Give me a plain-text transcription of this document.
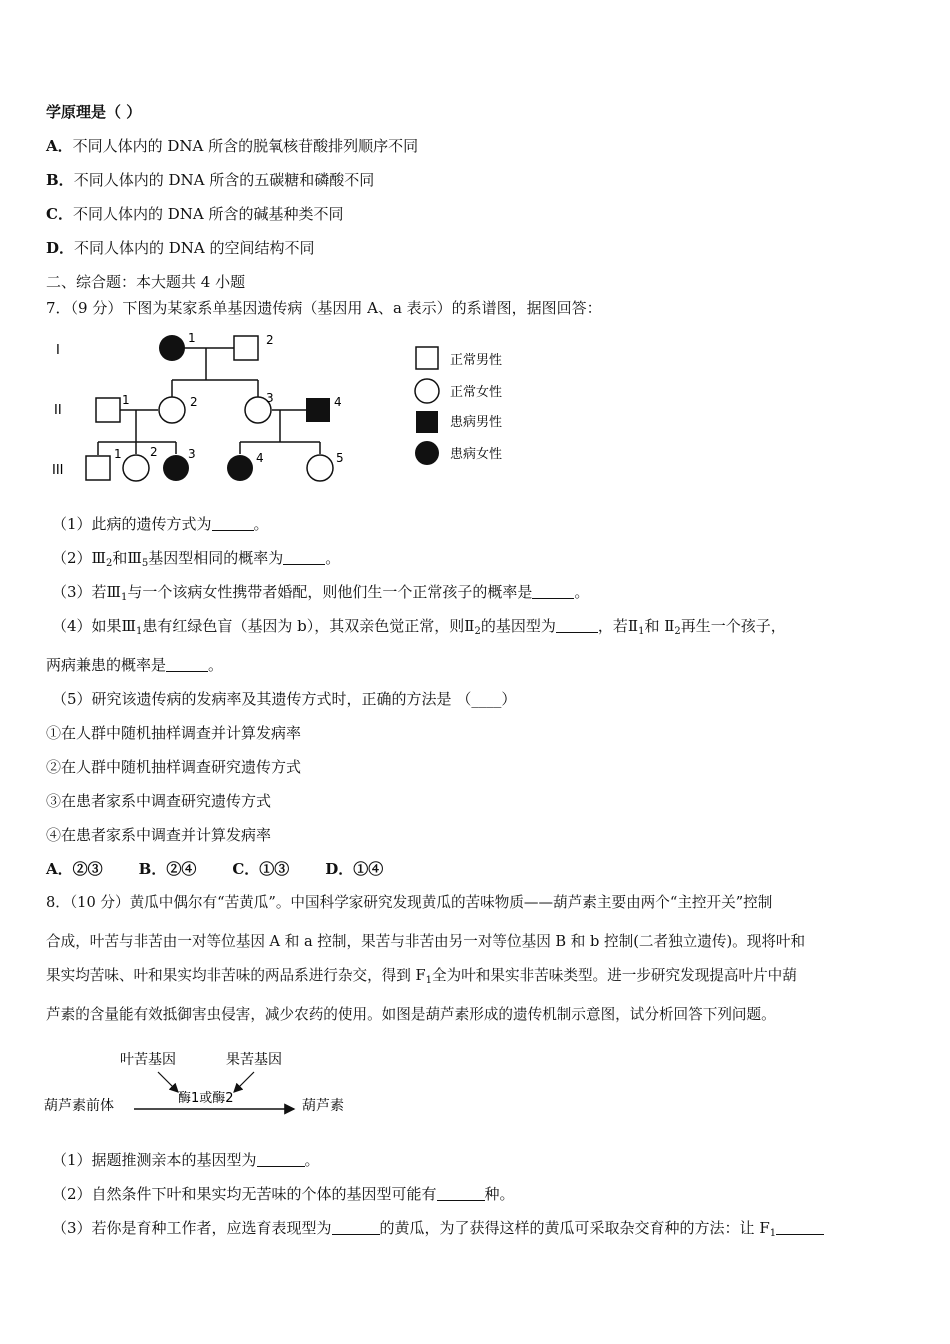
学原理是（ ）
A．不同人体内的 DNA 所含的脱氧核苷酸排列顺序不同
B．不同人体内的 DNA 所含的五碳糖和磷酸不同
C．不同人体内的 DNA 所含的碱基种类不同
D．不同人体内的 DNA 的空间结构不同
二、综合题：本大题共 4 小题
7．（9 分）下图为某家系单基因遗传病（基因用 A、a 表示）的系谱图，据图回答：
I
II
III
1	2
1	2	3	4
1 2	3	4	5
正常男性
正常女性
患病男性
患病女性
（1）此病的遗传方式为	。
$(2)Ⅲ_2$和$Ⅲ_5$基因型相同的概率为	。
（3）若$Ⅲ_1$与一个该病女性携带者婚配，则他们生一个正常孩子的概率是	。
（4）如果$Ⅲ_1$患有红绿色盲（基因为 b），其双亲色觉正常，则$Ⅱ_2$的基因型为	，若$Ⅱ_1$和 $Ⅱ_2$再生一个孩子，
两病兼患的概率是	。
（5）研究该遗传病的发病率及其遗传方式时，正确的方法是 （____）
①在人群中随机抽样调查并计算发病率
②在人群中随机抽样调查研究遗传方式
③在患者家系中调查研究遗传方式
④在患者家系中调查并计算发病率
A．②③ B．②④ C．①③ D．①④
8．（10 分）黄瓜中偶尔有“苦黄瓜”。中国科学家研究发现黄瓜的苦味物质——葫芦素主要由两个“主控开关”控制
合成，叶苦与非苦由一对等位基因 A 和 a 控制，果苦与非苦由另一对等位基因 B 和 b 控制(二者独立遗传)。现将叶和
果实均苦味、叶和果实均非苦味的两品系进行杂交，得到 $F_1$全为叶和果实非苦味类型。进一步研究发现提高叶片中葫
芦素的含量能有效抵御害虫侵害，减少农药的使用。如图是葫芦素形成的遗传机制示意图，试分析回答下列问题。
叶苦基因	果苦基因
酶1或酶2
葫芦素前体	葫芦素
（1）据题推测亲本的基因型为	。
（2）自然条件下叶和果实均无苦味的个体的基因型可能有	种。
（3）若你是育种工作者，应选育表现型为	的黄瓜，为了获得这样的黄瓜可采取杂交育种的方法：让 $F_1$
